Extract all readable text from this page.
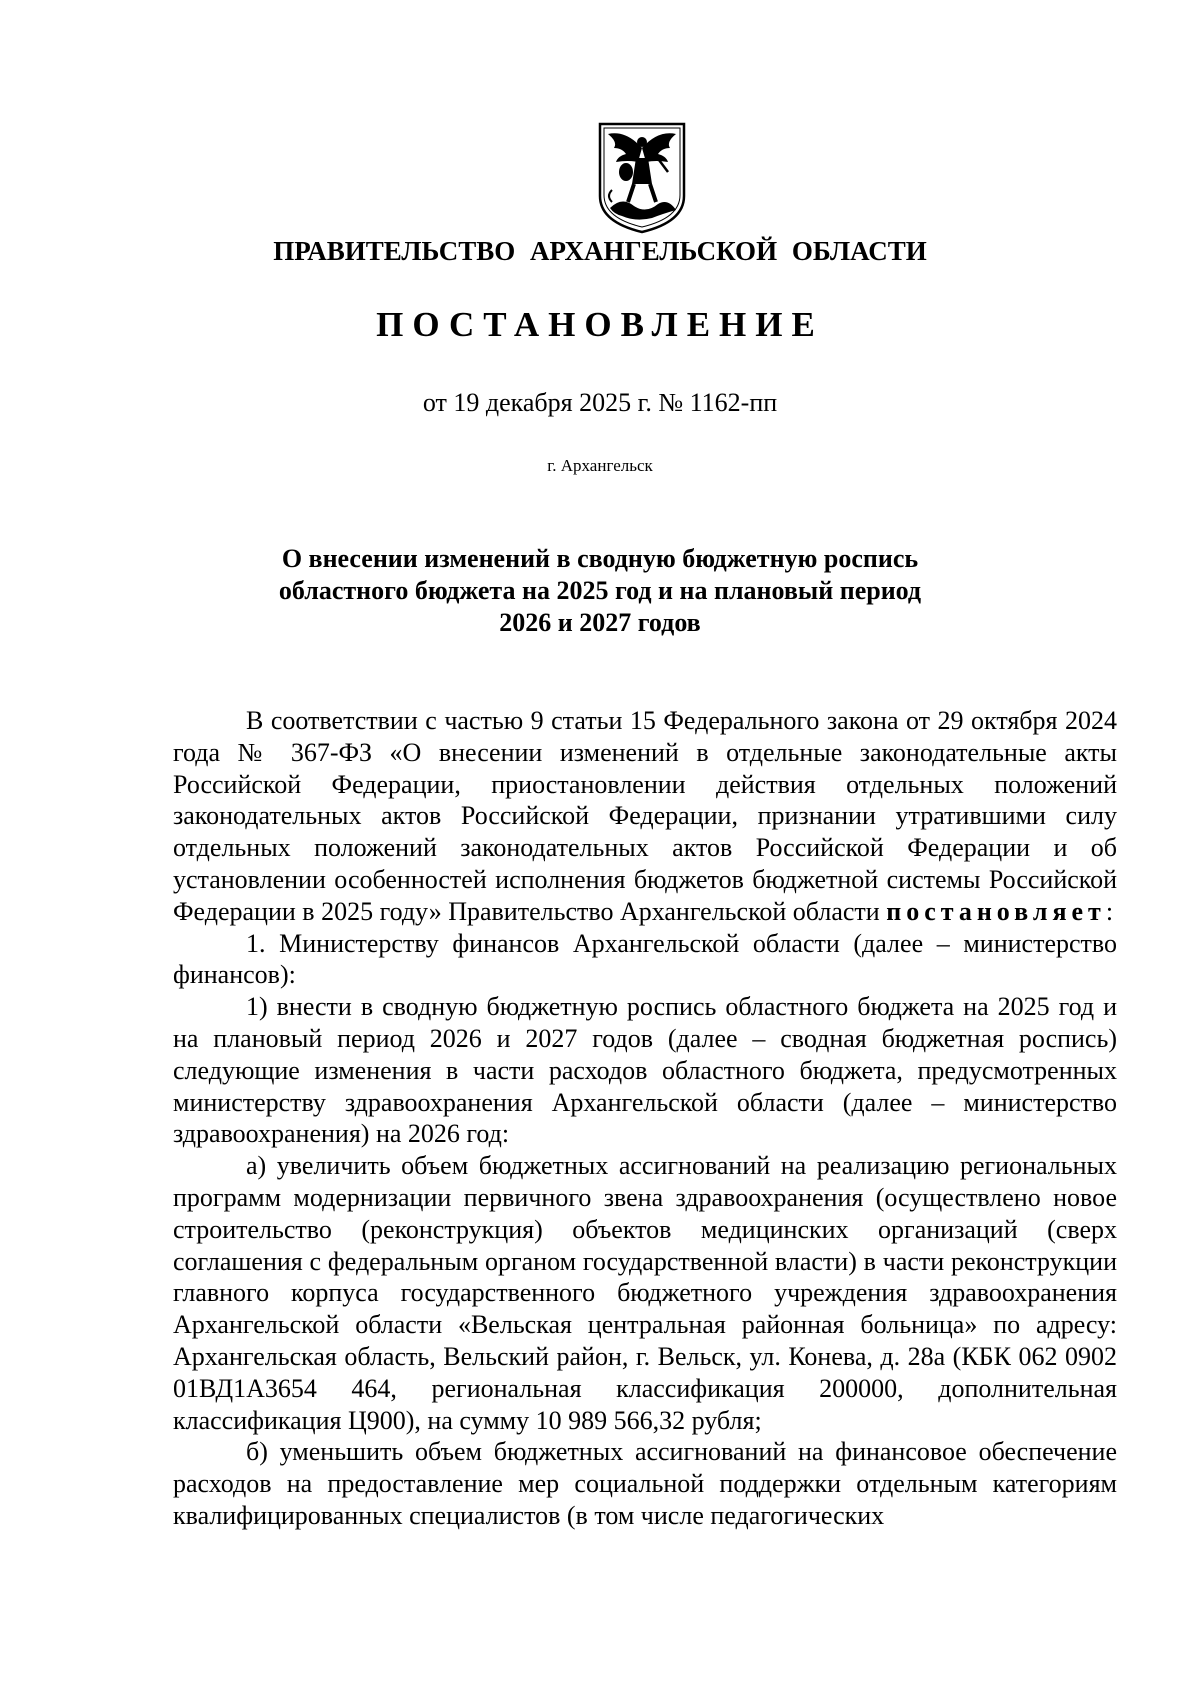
ПРАВИТЕЛЬСТВО АРХАНГЕЛЬСКОЙ ОБЛАСТИ
ПОСТАНОВЛЕНИЕ
от 19 декабря 2025 г. № 1162-пп
г. Архангельск
О внесении изменений в сводную бюджетную роспись
областного бюджета на 2025 год и на плановый период
2026 и 2027 годов

В соответствии с частью 9 статьи 15 Федерального закона от 29 октября 2024 года № 367-ФЗ «О внесении изменений в отдельные законодательные акты Российской Федерации, приостановлении действия отдельных положений законодательных актов Российской Федерации, признании утратившими силу отдельных положений законодательных актов Российской Федерации и об установлении особенностей исполнения бюджетов бюджетной системы Российской Федерации в 2025 году» Правительство Архангельской области постановляет:

1. Министерству финансов Архангельской области (далее – министерство финансов):

1) внести в сводную бюджетную роспись областного бюджета на 2025 год и на плановый период 2026 и 2027 годов (далее – сводная бюджетная роспись) следующие изменения в части расходов областного бюджета, предусмотренных министерству здравоохранения Архангельской области (далее – министерство здравоохранения) на 2026 год:

а) увеличить объем бюджетных ассигнований на реализацию региональных программ модернизации первичного звена здравоохранения (осуществлено новое строительство (реконструкция) объектов медицинских организаций (сверх соглашения с федеральным органом государственной власти) в части реконструкции главного корпуса государственного бюджетного учреждения здравоохранения Архангельской области «Вельская центральная районная больница» по адресу: Архангельская область, Вельский район, г. Вельск, ул. Конева, д. 28а (КБК 062 0902 01ВД1А3654 464, региональная классификация 200000, дополнительная классификация Ц900), на сумму 10 989 566,32 рубля;

б) уменьшить объем бюджетных ассигнований на финансовое обеспечение расходов на предоставление мер социальной поддержки отдельным категориям квалифицированных специалистов (в том числе педагогических
